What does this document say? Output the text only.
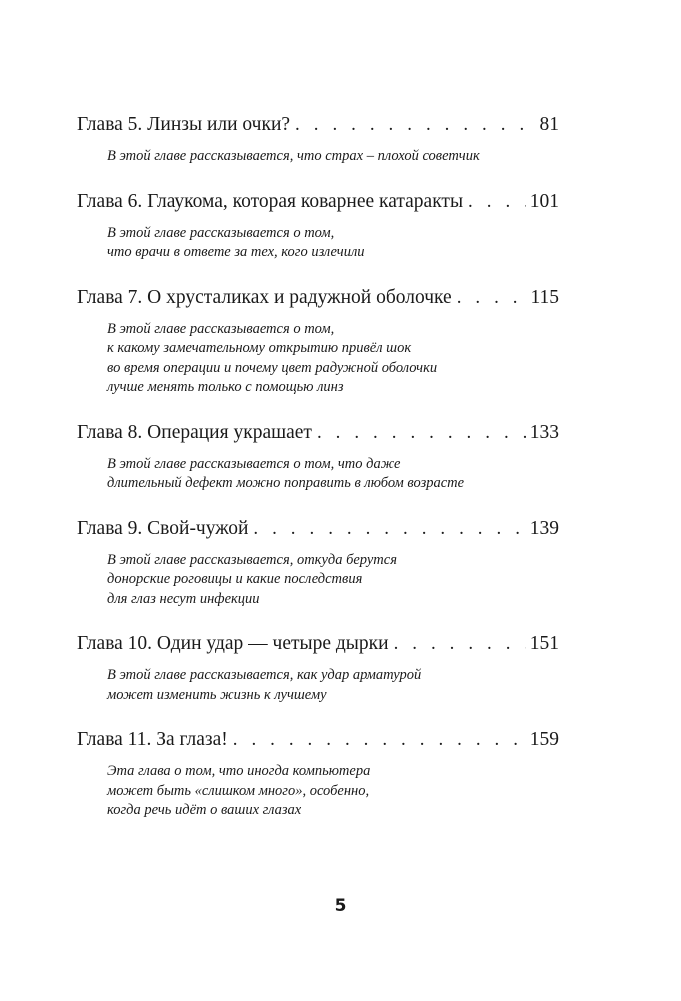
Глава 5. Линзы или очки? . . .	81
В этой главе рассказывается, что страх – плохой советчик
Глава 6. Глаукома, которая коварнее катаракты . . .	101
В этой главе рассказывается о том,
что врачи в ответе за тех, кого излечили
Глава 7. О хрусталиках и радужной оболочке . . .	115
В этой главе рассказывается о том,
к какому замечательному открытию привёл шок
во время операции и почему цвет радужной оболочки
лучше менять только с помощью линз
Глава 8. Операция украшает . . .	133
В этой главе рассказывается о том, что даже
длительный дефект можно поправить в любом возрасте
Глава 9. Свой-чужой . . .	139
В этой главе рассказывается, откуда берутся
донорские роговицы и какие последствия
для глаз несут инфекции
Глава 10. Один удар — четыре дырки . . .	151
В этой главе рассказывается, как удар арматурой
может изменить жизнь к лучшему
Глава 11. За глаза! . . .	159
Эта глава о том, что иногда компьютера
может быть «слишком много», особенно,
когда речь идёт о ваших глазах
5
